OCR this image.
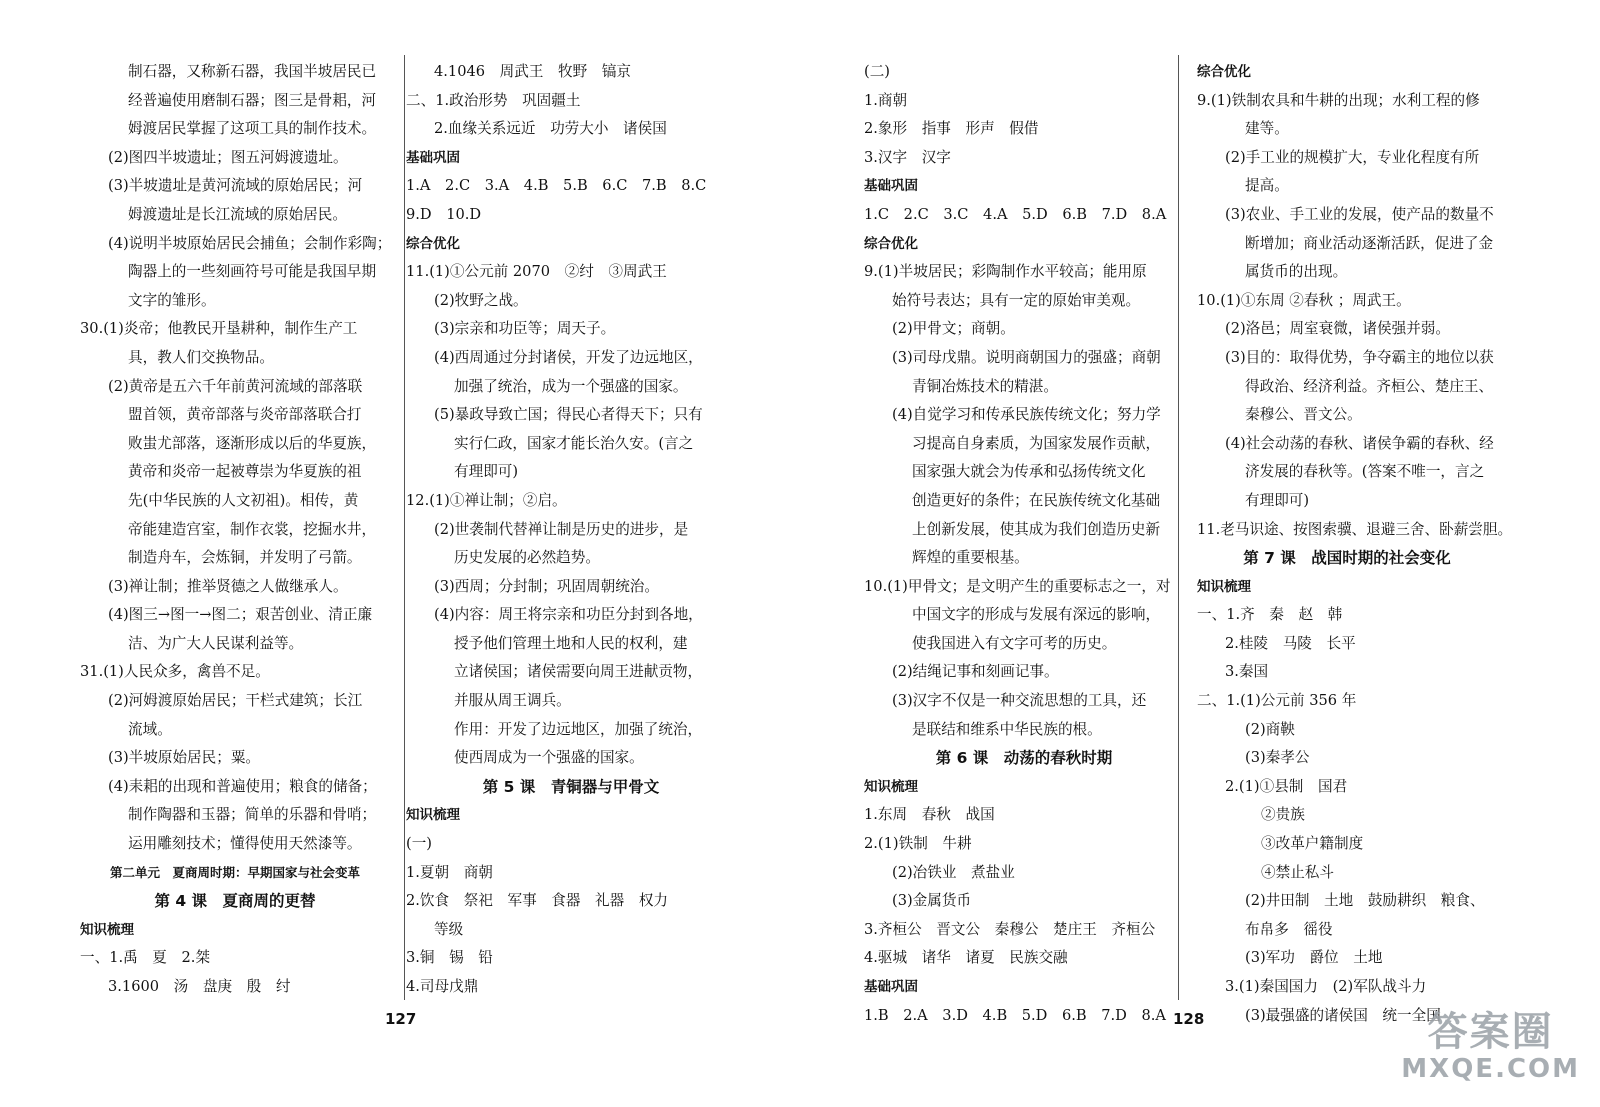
制石器，又称新石器，我国半坡居民已
经普遍使用磨制石器；图三是骨耜，河
姆渡居民掌握了这项工具的制作技术。
(2)图四半坡遗址；图五河姆渡遗址。
(3)半坡遗址是黄河流域的原始居民；河
姆渡遗址是长江流域的原始居民。
(4)说明半坡原始居民会捕鱼；会制作彩陶；
陶器上的一些刻画符号可能是我国早期
文字的雏形。
30.(1)炎帝；他教民开垦耕种，制作生产工
具，教人们交换物品。
(2)黄帝是五六千年前黄河流域的部落联
盟首领，黄帝部落与炎帝部落联合打
败蚩尤部落，逐渐形成以后的华夏族，
黄帝和炎帝一起被尊崇为华夏族的祖
先(中华民族的人文初祖)。相传，黄
帝能建造宫室，制作衣裳，挖掘水井，
制造舟车，会炼铜，并发明了弓箭。
(3)禅让制；推举贤德之人做继承人。
(4)图三→图一→图二；艰苦创业、清正廉
洁、为广大人民谋利益等。
31.(1)人民众多，禽兽不足。
(2)河姆渡原始居民；干栏式建筑；长江
流域。
(3)半坡原始居民；粟。
(4)耒耜的出现和普遍使用；粮食的储备；
制作陶器和玉器；简单的乐器和骨哨；
运用雕刻技术；懂得使用天然漆等。
第二单元　夏商周时期：早期国家与社会变革
第 4 课　夏商周的更替
知识梳理
一、1.禹　夏　2.桀
3.1600　汤　盘庚　殷　纣
4.1046　周武王　牧野　镐京
二、1.政治形势　巩固疆土
2.血缘关系远近　功劳大小　诸侯国
基础巩固
1.A　2.C　3.A　4.B　5.B　6.C　7.B　8.C
9.D　10.D
综合优化
11.(1)①公元前 2070　②纣　③周武王
(2)牧野之战。
(3)宗亲和功臣等；周天子。
(4)西周通过分封诸侯，开发了边远地区，
加强了统治，成为一个强盛的国家。
(5)暴政导致亡国；得民心者得天下；只有
实行仁政，国家才能长治久安。(言之
有理即可)
12.(1)①禅让制；②启。
(2)世袭制代替禅让制是历史的进步，是
历史发展的必然趋势。
(3)西周；分封制；巩固周朝统治。
(4)内容：周王将宗亲和功臣分封到各地，
授予他们管理土地和人民的权利，建
立诸侯国；诸侯需要向周王进献贡物，
并服从周王调兵。
作用：开发了边远地区，加强了统治，
使西周成为一个强盛的国家。
第 5 课　青铜器与甲骨文
知识梳理
(一)
1.夏朝　商朝
2.饮食　祭祀　军事　食器　礼器　权力
等级
3.铜　锡　铅
4.司母戊鼎
127
(二)
1.商朝
2.象形　指事　形声　假借
3.汉字　汉字
基础巩固
1.C　2.C　3.C　4.A　5.D　6.B　7.D　8.A
综合优化
9.(1)半坡居民；彩陶制作水平较高；能用原
始符号表达；具有一定的原始审美观。
(2)甲骨文；商朝。
(3)司母戊鼎。说明商朝国力的强盛；商朝
青铜冶炼技术的精湛。
(4)自觉学习和传承民族传统文化；努力学
习提高自身素质，为国家发展作贡献，
国家强大就会为传承和弘扬传统文化
创造更好的条件；在民族传统文化基础
上创新发展，使其成为我们创造历史新
辉煌的重要根基。
10.(1)甲骨文；是文明产生的重要标志之一，对
中国文字的形成与发展有深远的影响，
使我国进入有文字可考的历史。
(2)结绳记事和刻画记事。
(3)汉字不仅是一种交流思想的工具，还
是联结和维系中华民族的根。
第 6 课　动荡的春秋时期
知识梳理
1.东周　春秋　战国
2.(1)铁制　牛耕
(2)冶铁业　煮盐业
(3)金属货币
3.齐桓公　晋文公　秦穆公　楚庄王　齐桓公
4.驱城　诸华　诸夏　民族交融
基础巩固
1.B　2.A　3.D　4.B　5.D　6.B　7.D　8.A
综合优化
9.(1)铁制农具和牛耕的出现；水利工程的修
建等。
(2)手工业的规模扩大，专业化程度有所
提高。
(3)农业、手工业的发展，使产品的数量不
断增加；商业活动逐渐活跃，促进了金
属货币的出现。
10.(1)①东周 ②春秋 ；周武王。
(2)洛邑；周室衰微，诸侯强并弱。
(3)目的：取得优势，争夺霸主的地位以获
得政治、经济利益。齐桓公、楚庄王、
秦穆公、晋文公。
(4)社会动荡的春秋、诸侯争霸的春秋、经
济发展的春秋等。(答案不唯一，言之
有理即可)
11.老马识途、按图索骥、退避三舍、卧薪尝胆。
第 7 课　战国时期的社会变化
知识梳理
一、1.齐　秦　赵　韩
2.桂陵　马陵　长平
3.秦国
二、1.(1)公元前 356 年
(2)商鞅
(3)秦孝公
2.(1)①县制　国君
②贵族
③改革户籍制度
④禁止私斗
(2)井田制　土地　鼓励耕织　粮食、
布帛多　徭役
(3)军功　爵位　土地
3.(1)秦国国力　(2)军队战斗力
(3)最强盛的诸侯国　统一全国
128	答案圈
MXQE.COM
